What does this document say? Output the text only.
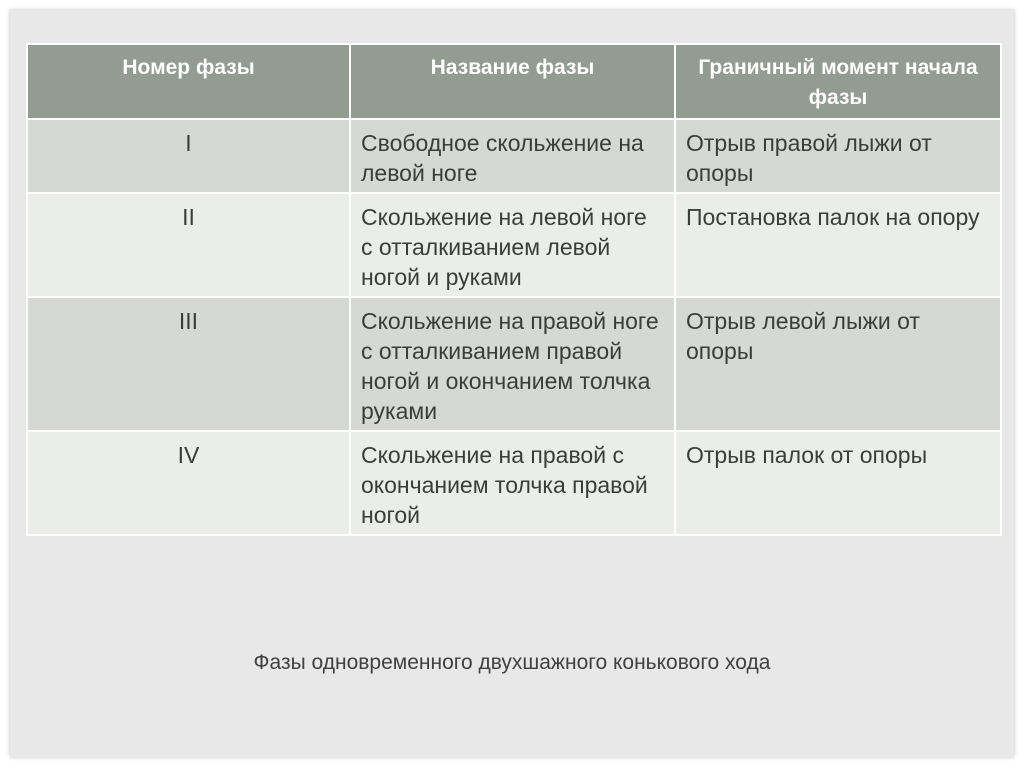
Номер фазы	Название фазы	Граничный момент начала фазы
I	Свободное скольжение на левой ноге	Отрыв правой лыжи от опоры
II	Скольжение на левой ноге с отталкиванием левой ногой и руками	Постановка палок на опору
III	Скольжение на правой ноге с отталкиванием правой ногой и окончанием толчка руками	Отрыв левой лыжи от опоры
IV	Скольжение на правой с окончанием толчка правой ногой	Отрыв палок от опоры
Фазы одновременного двухшажного конькового хода
